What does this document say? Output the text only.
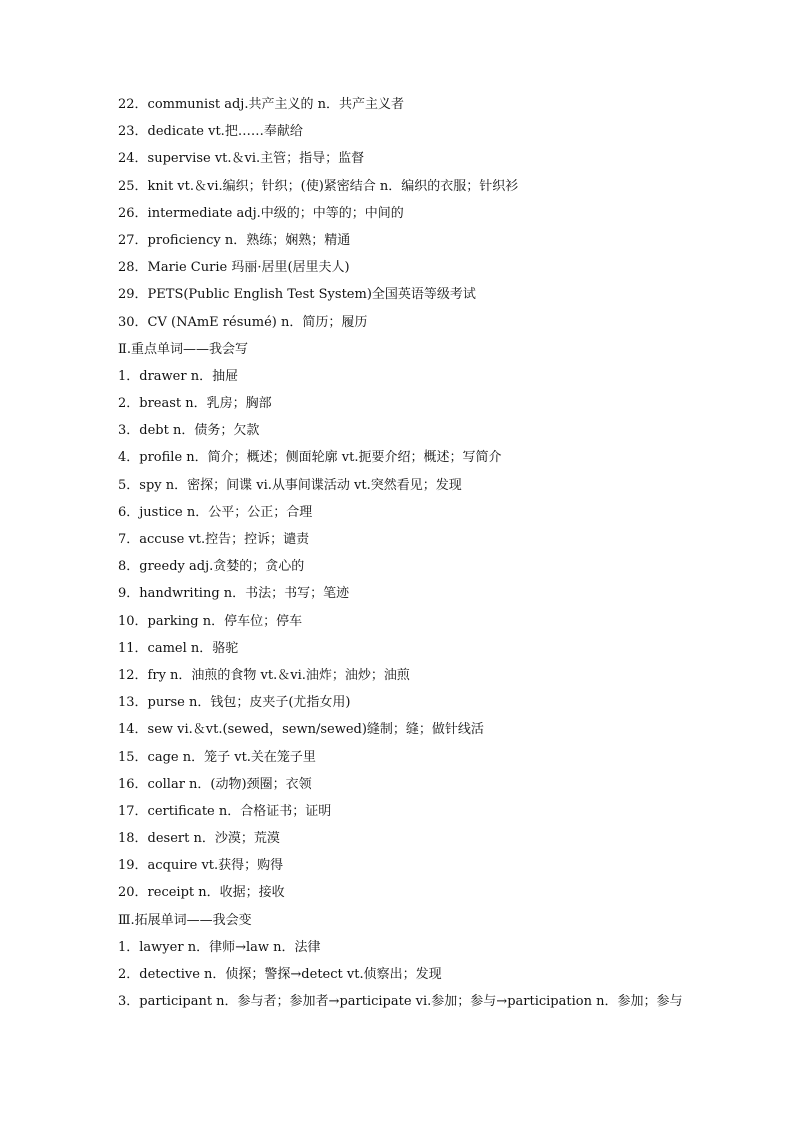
22．communist adj.共产主义的 n．共产主义者
23．dedicate vt.把……奉献给
24．supervise vt.＆vi.主管；指导；监督
25．knit vt.＆vi.编织；针织；(使)紧密结合 n．编织的衣服；针织衫
26．intermediate adj.中级的；中等的；中间的
27．proficiency n．熟练；娴熟；精通
28．Marie Curie 玛丽·居里(居里夫人)
29．PETS(Public English Test System)全国英语等级考试
30．CV (NAmE résumé) n．简历；履历
Ⅱ.重点单词——我会写
1．drawer n．抽屉
2．breast n．乳房；胸部
3．debt n．债务；欠款
4．profile n．简介；概述；侧面轮廓 vt.扼要介绍；概述；写简介
5．spy n．密探；间谍 vi.从事间谍活动 vt.突然看见；发现
6．justice n．公平；公正；合理
7．accuse vt.控告；控诉；谴责
8．greedy adj.贪婪的；贪心的
9．handwriting n．书法；书写；笔迹
10．parking n．停车位；停车
11．camel n．骆驼
12．fry n．油煎的食物 vt.＆vi.油炸；油炒；油煎
13．purse n．钱包；皮夹子(尤指女用)
14．sew vi.＆vt.(sewed，sewn/sewed)缝制；缝；做针线活
15．cage n．笼子 vt.关在笼子里
16．collar n．(动物)颈圈；衣领
17．certificate n．合格证书；证明
18．desert n．沙漠；荒漠
19．acquire vt.获得；购得
20．receipt n．收据；接收
Ⅲ.拓展单词——我会变
1．lawyer n．律师→law n．法律
2．detective n．侦探；警探→detect vt.侦察出；发现
3．participant n．参与者；参加者→participate vi.参加；参与→participation n．参加；参与
